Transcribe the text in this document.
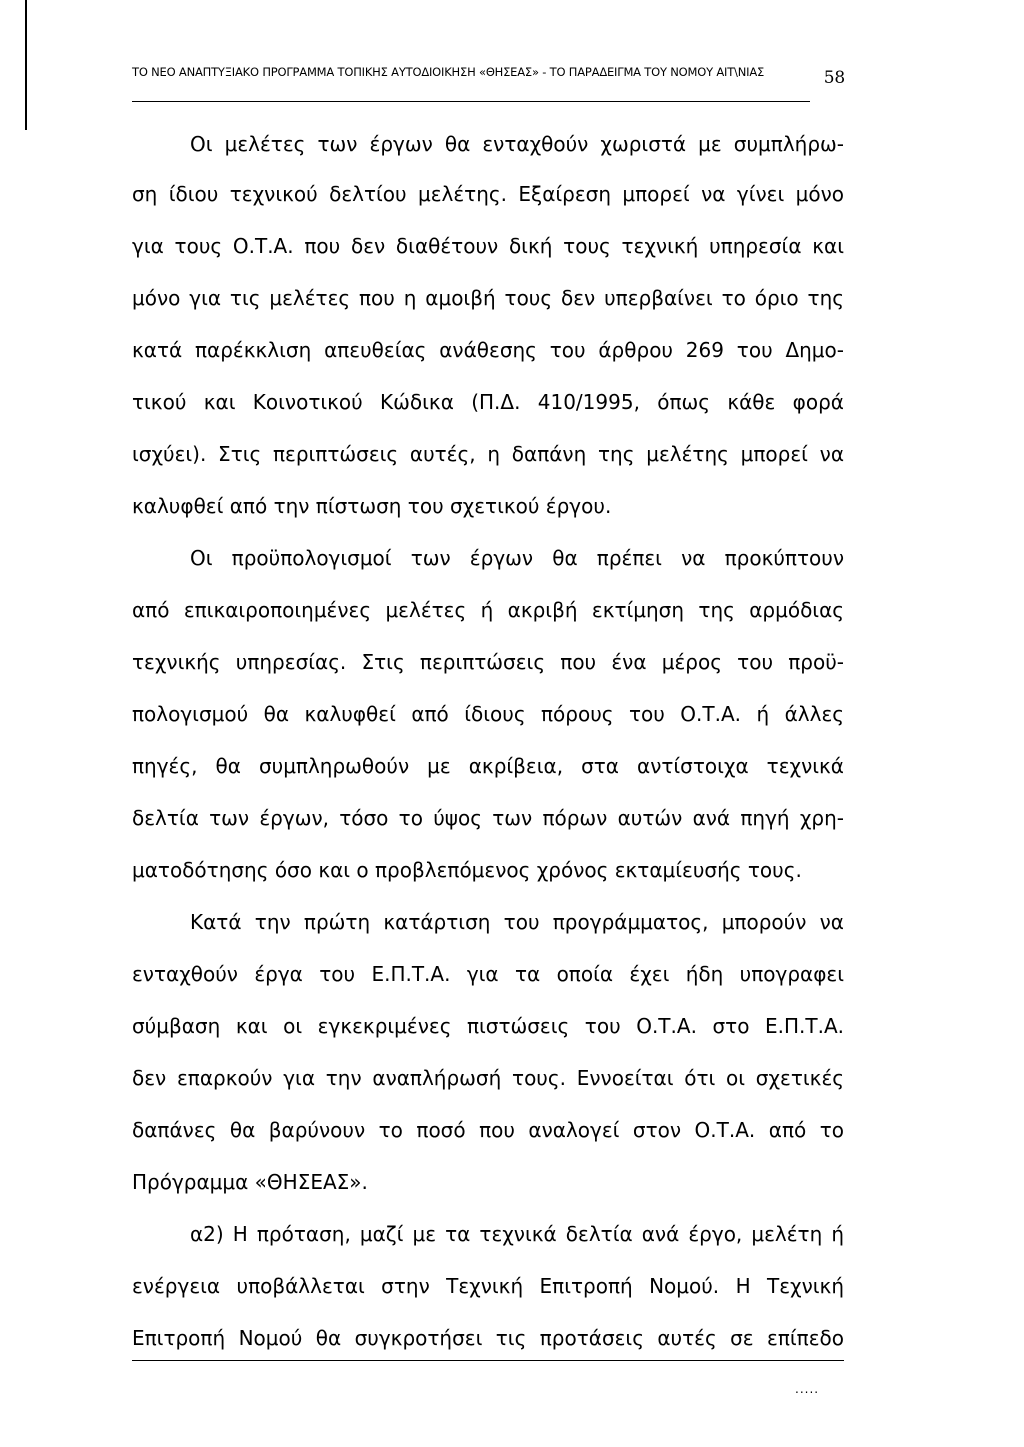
ΤΟ ΝΕΟ ΑΝΑΠΤΥΞΙΑΚΟ ΠΡΟΓΡΑΜΜΑ ΤΟΠΙΚΗΣ ΑΥΤΟΔΙΟΙΚΗΣΗ «ΘΗΣΕΑΣ» - ΤΟ ΠΑΡΑΔΕΙΓΜΑ ΤΟΥ ΝΟΜΟΥ ΑΙΤ\ΝΙΑΣ	58
Οι μελέτες των έργων θα ενταχθούν χωριστά με συμπλήρω-
ση ίδιου τεχνικού δελτίου μελέτης. Εξαίρεση μπορεί να γίνει μόνο
για τους Ο.Τ.Α. που δεν διαθέτουν δική τους τεχνική υπηρεσία και
μόνο για τις μελέτες που η αμοιβή τους δεν υπερβαίνει το όριο της
κατά παρέκκλιση απευθείας ανάθεσης του άρθρου 269 του Δημο-
τικού και Κοινοτικού Κώδικα (Π.Δ. 410/1995, όπως κάθε φορά
ισχύει). Στις περιπτώσεις αυτές, η δαπάνη της μελέτης μπορεί να
καλυφθεί από την πίστωση του σχετικού έργου.
Οι προϋπολογισμοί των έργων θα πρέπει να προκύπτουν
από επικαιροποιημένες μελέτες ή ακριβή εκτίμηση της αρμόδιας
τεχνικής υπηρεσίας. Στις περιπτώσεις που ένα μέρος του προϋ-
πολογισμού θα καλυφθεί από ίδιους πόρους του Ο.Τ.Α. ή άλλες
πηγές, θα συμπληρωθούν με ακρίβεια, στα αντίστοιχα τεχνικά
δελτία των έργων, τόσο το ύψος των πόρων αυτών ανά πηγή χρη-
ματοδότησης όσο και ο προβλεπόμενος χρόνος εκταμίευσής τους.
Κατά την πρώτη κατάρτιση του προγράμματος, μπορούν να
ενταχθούν έργα του Ε.Π.Τ.Α. για τα οποία έχει ήδη υπογραφει
σύμβαση και οι εγκεκριμένες πιστώσεις του Ο.Τ.Α. στο Ε.Π.Τ.Α.
δεν επαρκούν για την αναπλήρωσή τους. Εννοείται ότι οι σχετικές
δαπάνες θα βαρύνουν το ποσό που αναλογεί στον Ο.Τ.Α. από το
Πρόγραμμα «ΘΗΣΕΑΣ».
α2) Η πρόταση, μαζί με τα τεχνικά δελτία ανά έργο, μελέτη ή
ενέργεια υποβάλλεται στην Τεχνική Επιτροπή Νομού. Η Τεχνική
Επιτροπή Νομού θα συγκροτήσει τις προτάσεις αυτές σε επίπεδο
.....
